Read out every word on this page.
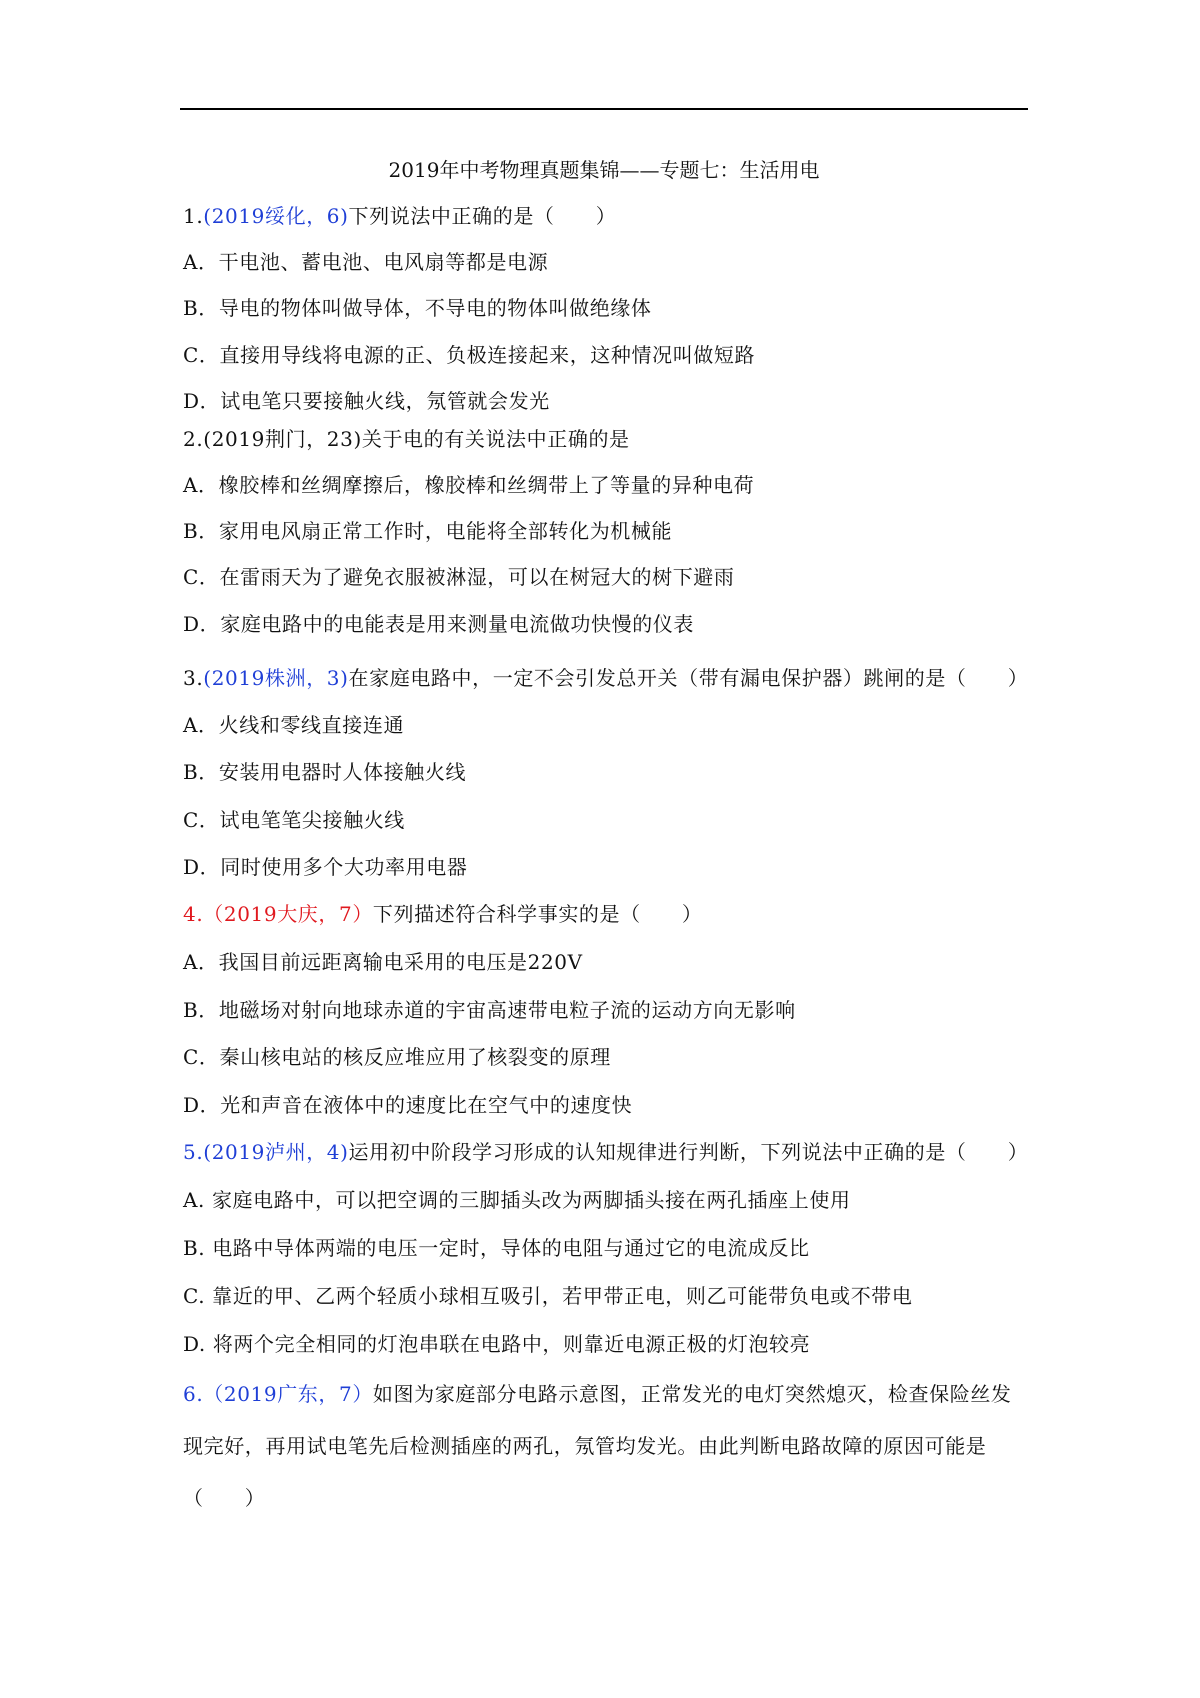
2019年中考物理真题集锦——专题七：生活用电
1.(2019绥化，6)下列说法中正确的是（　　）
A．干电池、蓄电池、电风扇等都是电源
B．导电的物体叫做导体，不导电的物体叫做绝缘体
C．直接用导线将电源的正、负极连接起来，这种情况叫做短路
D．试电笔只要接触火线，氖管就会发光
2.(2019荆门，23)关于电的有关说法中正确的是
A．橡胶棒和丝绸摩擦后，橡胶棒和丝绸带上了等量的异种电荷
B．家用电风扇正常工作时，电能将全部转化为机械能
C．在雷雨天为了避免衣服被淋湿，可以在树冠大的树下避雨
D．家庭电路中的电能表是用来测量电流做功快慢的仪表
3.(2019株洲，3)在家庭电路中，一定不会引发总开关（带有漏电保护器）跳闸的是（　　）
A．火线和零线直接连通
B．安装用电器时人体接触火线
C．试电笔笔尖接触火线
D．同时使用多个大功率用电器
4.（2019大庆，7）下列描述符合科学事实的是（　　）
A．我国目前远距离输电采用的电压是220V
B．地磁场对射向地球赤道的宇宙高速带电粒子流的运动方向无影响
C．秦山核电站的核反应堆应用了核裂变的原理
D．光和声音在液体中的速度比在空气中的速度快
5.(2019泸州，4)运用初中阶段学习形成的认知规律进行判断，下列说法中正确的是（　　）
A. 家庭电路中，可以把空调的三脚插头改为两脚插头接在两孔插座上使用
B. 电路中导体两端的电压一定时，导体的电阻与通过它的电流成反比
C. 靠近的甲、乙两个轻质小球相互吸引，若甲带正电，则乙可能带负电或不带电
D. 将两个完全相同的灯泡串联在电路中，则靠近电源正极的灯泡较亮
6.（2019广东，7）如图为家庭部分电路示意图，正常发光的电灯突然熄灭，检查保险丝发
现完好，再用试电笔先后检测插座的两孔，氖管均发光。由此判断电路故障的原因可能是
（　　）
